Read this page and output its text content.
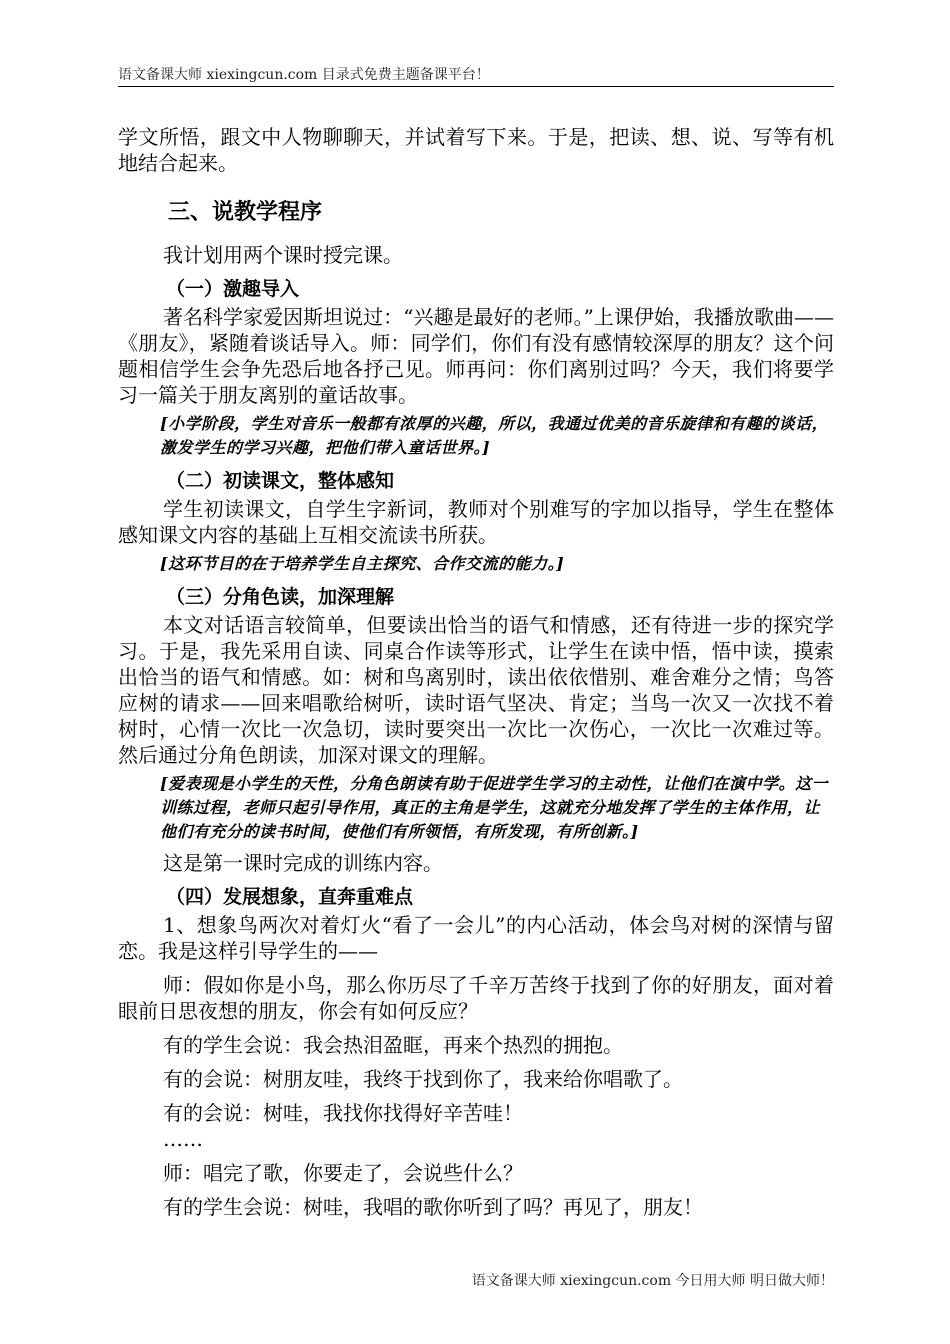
语文备课大师 xiexingcun.com 目录式免费主题备课平台！

学文所悟，跟文中人物聊聊天，并试着写下来。于是，把读、想、说、写等有机地结合起来。

三、说教学程序

我计划用两个课时授完课。

（一）激趣导入

著名科学家爱因斯坦说过：“兴趣是最好的老师。”上课伊始，我播放歌曲——《朋友》，紧随着谈话导入。师：同学们，你们有没有感情较深厚的朋友？这个问题相信学生会争先恐后地各抒己见。师再问：你们离别过吗？今天，我们将要学习一篇关于朋友离别的童话故事。

[小学阶段，学生对音乐一般都有浓厚的兴趣，所以，我通过优美的音乐旋律和有趣的谈话，激发学生的学习兴趣，把他们带入童话世界。]
（二）初读课文，整体感知

学生初读课文，自学生字新词，教师对个别难写的字加以指导，学生在整体感知课文内容的基础上互相交流读书所获。

[这环节目的在于培养学生自主探究、合作交流的能力。]
（三）分角色读，加深理解

本文对话语言较简单，但要读出恰当的语气和情感，还有待进一步的探究学习。于是，我先采用自读、同桌合作读等形式，让学生在读中悟，悟中读，摸索出恰当的语气和情感。如：树和鸟离别时，读出依依惜别、难舍难分之情；鸟答应树的请求——回来唱歌给树听，读时语气坚决、肯定；当鸟一次又一次找不着树时，心情一次比一次急切，读时要突出一次比一次伤心，一次比一次难过等。然后通过分角色朗读，加深对课文的理解。

[爱表现是小学生的天性，分角色朗读有助于促进学生学习的主动性，让他们在演中学。这一训练过程，老师只起引导作用，真正的主角是学生，这就充分地发挥了学生的主体作用，让他们有充分的读书时间，使他们有所领悟，有所发现，有所创新。]

这是第一课时完成的训练内容。

（四）发展想象，直奔重难点

1、想象鸟两次对着灯火“看了一会儿”的内心活动，体会鸟对树的深情与留恋。我是这样引导学生的——

师：假如你是小鸟，那么你历尽了千辛万苦终于找到了你的好朋友，面对着眼前日思夜想的朋友，你会有如何反应？

有的学生会说：我会热泪盈眶，再来个热烈的拥抱。

有的会说：树朋友哇，我终于找到你了，我来给你唱歌了。

有的会说：树哇，我找你找得好辛苦哇！

……

师：唱完了歌，你要走了，会说些什么？

有的学生会说：树哇，我唱的歌你听到了吗？再见了，朋友！

语文备课大师 xiexingcun.com 今日用大师 明日做大师！
